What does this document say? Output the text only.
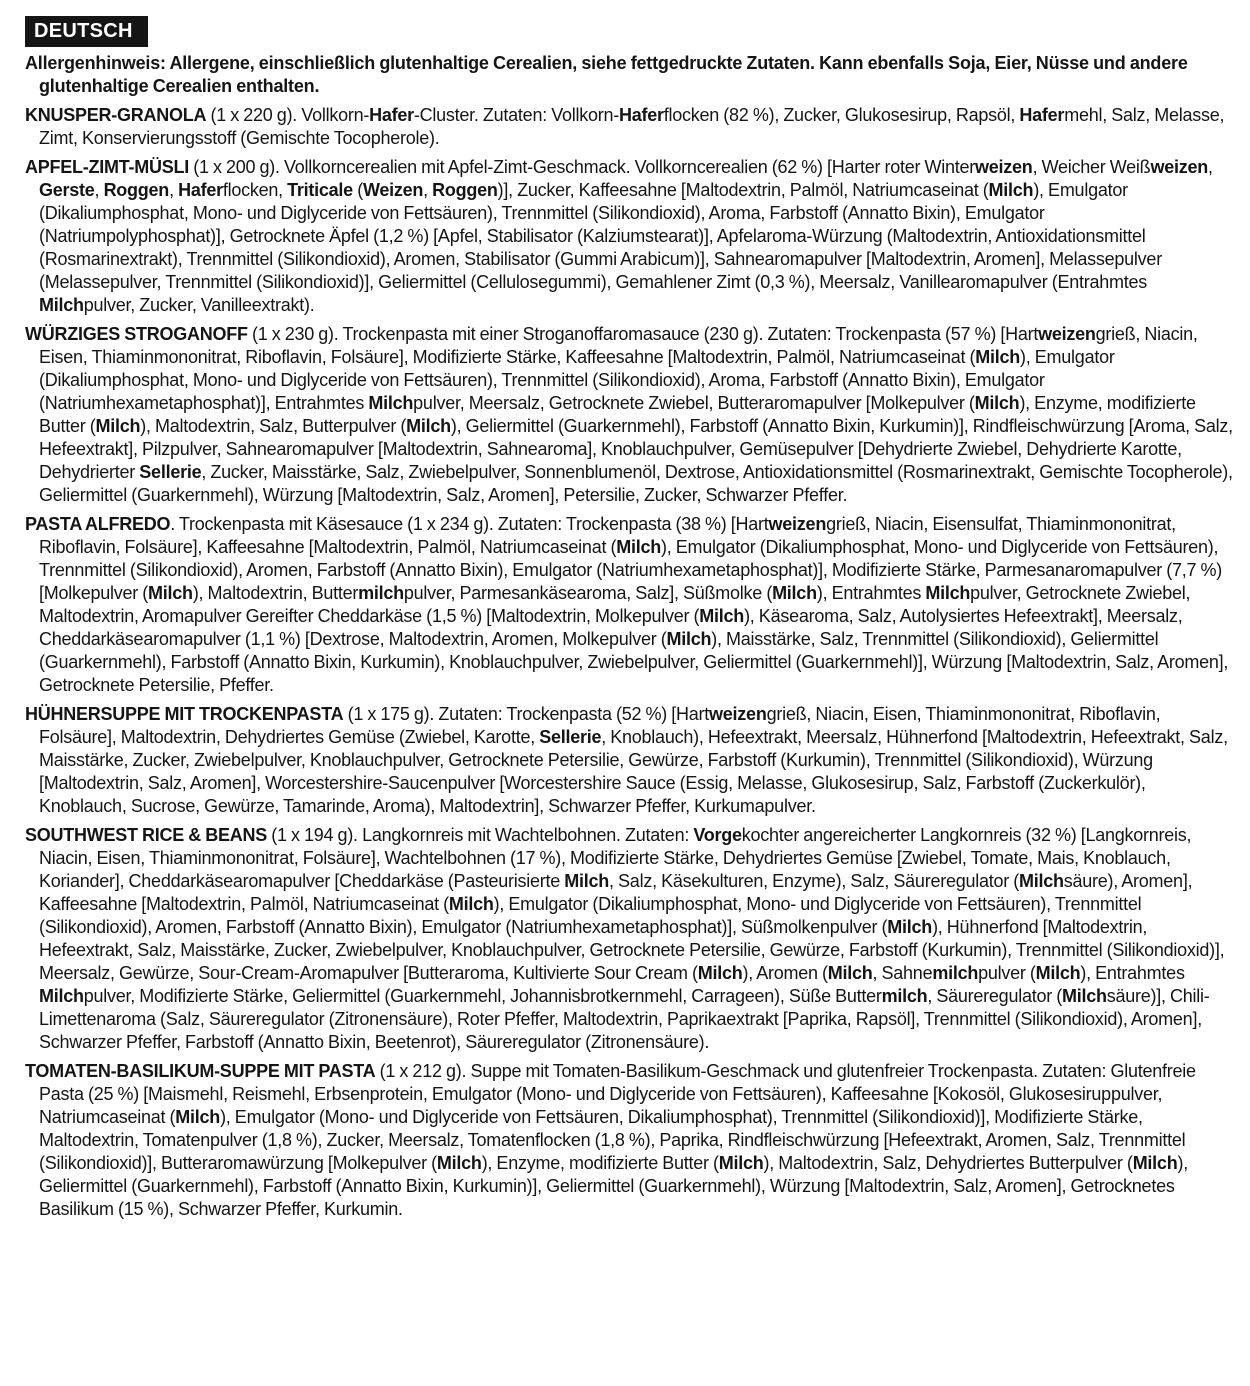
DEUTSCH

Allergenhinweis: Allergene, einschließlich glutenhaltige Cerealien, siehe fettgedruckte Zutaten. Kann ebenfalls Soja, Eier, Nüsse und andere glutenhaltige Cerealien enthalten.

KNUSPER-GRANOLA (1 x 220 g). Vollkorn-Hafer-Cluster. Zutaten: Vollkorn-Haferflocken (82 %), Zucker, Glukosesirup, Rapsöl, Hafermehl, Salz, Melasse, Zimt, Konservierungsstoff (Gemischte Tocopherole).

APFEL-ZIMT-MÜSLI (1 x 200 g). Vollkorncerealien mit Apfel-Zimt-Geschmack. Vollkorncerealien (62 %) [Harter roter Winterweizen, Weicher Weißweizen, Gerste, Roggen, Haferflocken, Triticale (Weizen, Roggen)], Zucker, Kaffeesahne [Maltodextrin, Palmöl, Natriumcaseinat (Milch), Emulgator (Dikaliumphosphat, Mono- und Diglyceride von Fettsäuren), Trennmittel (Silikondioxid), Aroma, Farbstoff (Annatto Bixin), Emulgator (Natriumpolyphosphat)], Getrocknete Äpfel (1,2 %) [Apfel, Stabilisator (Kalziumstearat)], Apfelaroma-Würzung (Maltodextrin, Antioxidationsmittel (Rosmarinextrakt), Trennmittel (Silikondioxid), Aromen, Stabilisator (Gummi Arabicum)], Sahnearomapulver [Maltodextrin, Aromen], Melassepulver (Melassepulver, Trennmittel (Silikondioxid)], Geliermittel (Cellulosegummi), Gemahlener Zimt (0,3 %), Meersalz, Vanillearomapulver (Entrahmtes Milchpulver, Zucker, Vanilleextrakt).

WÜRZIGES STROGANOFF (1 x 230 g). Trockenpasta mit einer Stroganoffaromasauce (230 g). Zutaten: Trockenpasta (57 %) [Hartweizengrieß, Niacin, Eisen, Thiaminmononitrat, Riboflavin, Folsäure], Modifizierte Stärke, Kaffeesahne [Maltodextrin, Palmöl, Natriumcaseinat (Milch), Emulgator (Dikaliumphosphat, Mono- und Diglyceride von Fettsäuren), Trennmittel (Silikondioxid), Aroma, Farbstoff (Annatto Bixin), Emulgator (Natriumhexametaphosphat)], Entrahmtes Milchpulver, Meersalz, Getrocknete Zwiebel, Butteraromapulver [Molkepulver (Milch), Enzyme, modifizierte Butter (Milch), Maltodextrin, Salz, Butterpulver (Milch), Geliermittel (Guarkernmehl), Farbstoff (Annatto Bixin, Kurkumin)], Rindfleischwürzung [Aroma, Salz, Hefeextrakt], Pilzpulver, Sahnearomapulver [Maltodextrin, Sahnearoma], Knoblauchpulver, Gemüsepulver [Dehydrierte Zwiebel, Dehydrierte Karotte, Dehydrierter Sellerie, Zucker, Maisstärke, Salz, Zwiebelpulver, Sonnenblumenöl, Dextrose, Antioxidationsmittel (Rosmarinextrakt, Gemischte Tocopherole), Geliermittel (Guarkernmehl), Würzung [Maltodextrin, Salz, Aromen], Petersilie, Zucker, Schwarzer Pfeffer.

PASTA ALFREDO. Trockenpasta mit Käsesauce (1 x 234 g). Zutaten: Trockenpasta (38 %) [Hartweizengrieß, Niacin, Eisensulfat, Thiaminmononitrat, Riboflavin, Folsäure], Kaffeesahne [Maltodextrin, Palmöl, Natriumcaseinat (Milch), Emulgator (Dikaliumphosphat, Mono- und Diglyceride von Fettsäuren), Trennmittel (Silikondioxid), Aromen, Farbstoff (Annatto Bixin), Emulgator (Natriumhexametaphosphat)], Modifizierte Stärke, Parmesanaromapulver (7,7 %) [Molkepulver (Milch), Maltodextrin, Buttermilchpulver, Parmesankäsearoma, Salz], Süßmolke (Milch), Entrahmtes Milchpulver, Getrocknete Zwiebel, Maltodextrin, Aromapulver Gereifter Cheddarkäse (1,5 %) [Maltodextrin, Molkepulver (Milch), Käsearoma, Salz, Autolysiertes Hefeextrakt], Meersalz, Cheddarkäsearomapulver (1,1 %) [Dextrose, Maltodextrin, Aromen, Molkepulver (Milch), Maisstärke, Salz, Trennmittel (Silikondioxid), Geliermittel (Guarkernmehl), Farbstoff (Annatto Bixin, Kurkumin), Knoblauchpulver, Zwiebelpulver, Geliermittel (Guarkernmehl)], Würzung [Maltodextrin, Salz, Aromen], Getrocknete Petersilie, Pfeffer.

HÜHNERSUPPE MIT TROCKENPASTA (1 x 175 g). Zutaten: Trockenpasta (52 %) [Hartweizengrieß, Niacin, Eisen, Thiaminmononitrat, Riboflavin, Folsäure], Maltodextrin, Dehydriertes Gemüse (Zwiebel, Karotte, Sellerie, Knoblauch), Hefeextrakt, Meersalz, Hühnerfond [Maltodextrin, Hefeextrakt, Salz, Maisstärke, Zucker, Zwiebelpulver, Knoblauchpulver, Getrocknete Petersilie, Gewürze, Farbstoff (Kurkumin), Trennmittel (Silikondioxid), Würzung [Maltodextrin, Salz, Aromen], Worcestershire-Saucenpulver [Worcestershire Sauce (Essig, Melasse, Glukosesirup, Salz, Farbstoff (Zuckerkulör), Knoblauch, Sucrose, Gewürze, Tamarinde, Aroma), Maltodextrin], Schwarzer Pfeffer, Kurkumapulver.

SOUTHWEST RICE & BEANS (1 x 194 g). Langkornreis mit Wachtelbohnen. Zutaten: Vorgekochter angereicherter Langkornreis (32 %) [Langkornreis, Niacin, Eisen, Thiaminmononitrat, Folsäure], Wachtelbohnen (17 %), Modifizierte Stärke, Dehydriertes Gemüse [Zwiebel, Tomate, Mais, Knoblauch, Koriander], Cheddarkäsearomapulver [Cheddarkäse (Pasteurisierte Milch, Salz, Käsekulturen, Enzyme), Salz, Säureregulator (Milchsäure), Aromen], Kaffeesahne [Maltodextrin, Palmöl, Natriumcaseinat (Milch), Emulgator (Dikaliumphosphat, Mono- und Diglyceride von Fettsäuren), Trennmittel (Silikondioxid), Aromen, Farbstoff (Annatto Bixin), Emulgator (Natriumhexametaphosphat)], Süßmolkenpulver (Milch), Hühnerfond [Maltodextrin, Hefeextrakt, Salz, Maisstärke, Zucker, Zwiebelpulver, Knoblauchpulver, Getrocknete Petersilie, Gewürze, Farbstoff (Kurkumin), Trennmittel (Silikondioxid)], Meersalz, Gewürze, Sour-Cream-Aromapulver [Butteraroma, Kultivierte Sour Cream (Milch), Aromen (Milch, Sahnemilchpulver (Milch), Entrahmtes Milchpulver, Modifizierte Stärke, Geliermittel (Guarkernmehl, Johannisbrotkernmehl, Carrageen), Süße Buttermilch, Säureregulator (Milchsäure)], Chili-Limettenaroma (Salz, Säureregulator (Zitronensäure), Roter Pfeffer, Maltodextrin, Paprikaextrakt [Paprika, Rapsöl], Trennmittel (Silikondioxid), Aromen], Schwarzer Pfeffer, Farbstoff (Annatto Bixin, Beetenrot), Säureregulator (Zitronensäure).

TOMATEN-BASILIKUM-SUPPE MIT PASTA (1 x 212 g). Suppe mit Tomaten-Basilikum-Geschmack und glutenfreier Trockenpasta. Zutaten: Glutenfreie Pasta (25 %) [Maismehl, Reismehl, Erbsenprotein, Emulgator (Mono- und Diglyceride von Fettsäuren), Kaffeesahne [Kokosöl, Glukosesiruppulver, Natriumcaseinat (Milch), Emulgator (Mono- und Diglyceride von Fettsäuren, Dikaliumphosphat), Trennmittel (Silikondioxid)], Modifizierte Stärke, Maltodextrin, Tomatenpulver (1,8 %), Zucker, Meersalz, Tomatenflocken (1,8 %), Paprika, Rindfleischwürzung [Hefeextrakt, Aromen, Salz, Trennmittel (Silikondioxid)], Butteraromawürzung [Molkepulver (Milch), Enzyme, modifizierte Butter (Milch), Maltodextrin, Salz, Dehydriertes Butterpulver (Milch), Geliermittel (Guarkernmehl), Farbstoff (Annatto Bixin, Kurkumin)], Geliermittel (Guarkernmehl), Würzung [Maltodextrin, Salz, Aromen], Getrocknetes Basilikum (15 %), Schwarzer Pfeffer, Kurkumin.
